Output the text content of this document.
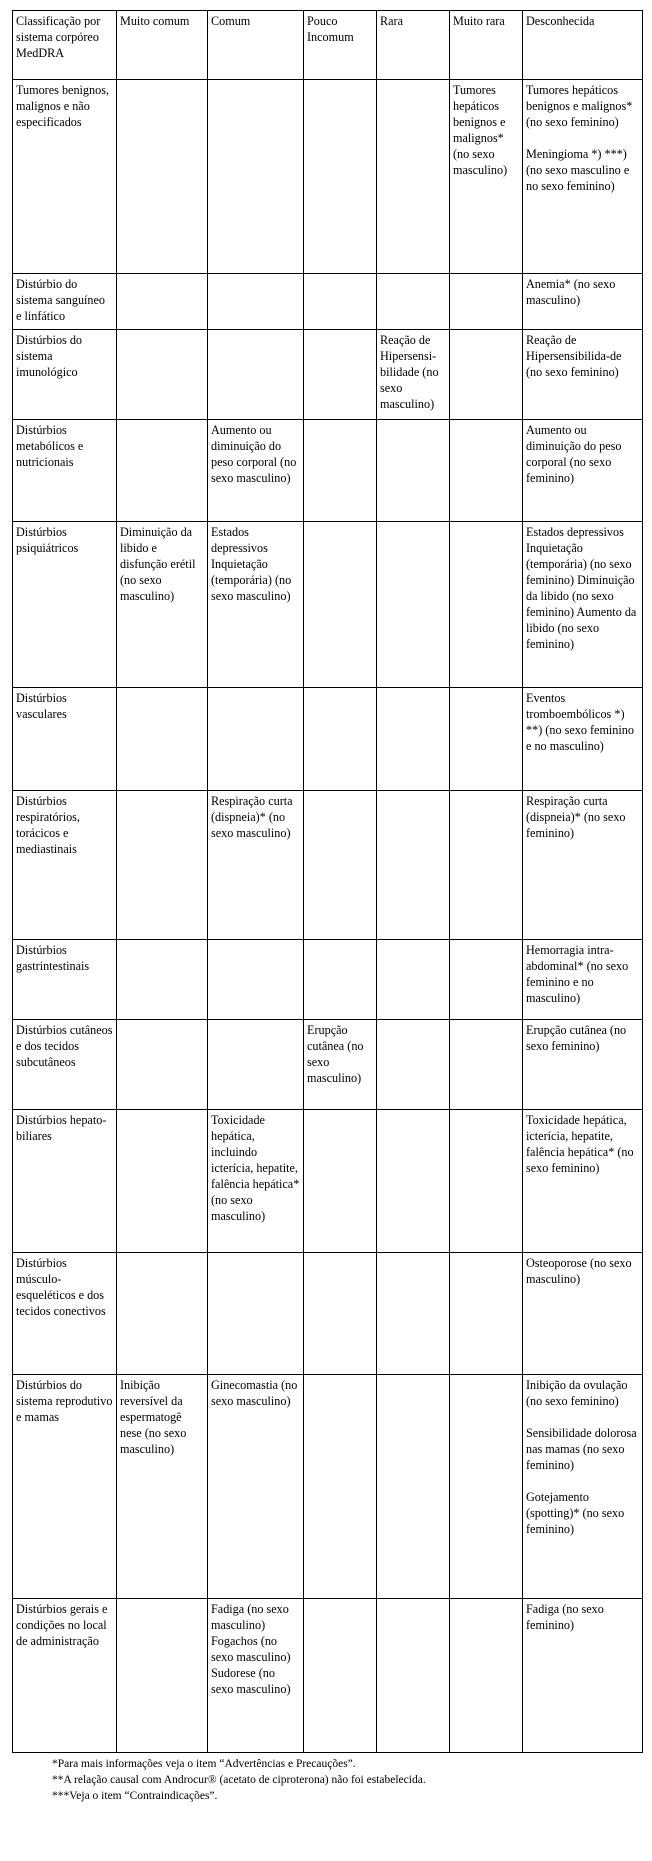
Classificação por sistema corpóreo MedDRA	Muito comum	Comum	Pouco Incomum	Rara	Muito rara	Desconhecida

Tumores benignos, malignos e não especificados					Tumores hepáticos benignos e malignos* (no sexo masculino)	Tumores hepáticos benignos e malignos* (no sexo feminino)
Meningioma *) ***) (no sexo masculino e no sexo feminino)

Distúrbio do sistema sanguíneo e linfático						Anemia* (no sexo masculino)

Distúrbios do sistema imunológico				Reação de Hipersensi-bilidade (no sexo masculino)		Reação de Hipersensibilida-de (no sexo feminino)

Distúrbios metabólicos e nutricionais		Aumento ou diminuição do peso corporal (no sexo masculino)				Aumento ou diminuição do peso corporal (no sexo feminino)

Distúrbios psiquiátricos	Diminuição da libido e disfunção erétil (no sexo masculino)	Estados depressivos Inquietação (temporária) (no sexo masculino)				Estados depressivos Inquietação (temporária) (no sexo feminino) Diminuição da libido (no sexo feminino) Aumento da libido (no sexo feminino)

Distúrbios vasculares						Eventos tromboembólicos *) **) (no sexo feminino e no masculino)

Distúrbios respiratórios, torácicos e mediastinais		Respiração curta (dispneia)* (no sexo masculino)				Respiração curta (dispneia)* (no sexo feminino)

Distúrbios gastrintestinais						Hemorragia intra-abdominal* (no sexo feminino e no masculino)

Distúrbios cutâneos e dos tecidos subcutâneos			Erupção cutânea (no sexo masculino)			Erupção cutânea (no sexo feminino)

Distúrbios hepato-biliares		Toxicidade hepática, incluindo icterícia, hepatite, falência hepática* (no sexo masculino)				Toxicidade hepática, icterícia, hepatite, falência hepática* (no sexo feminino)

Distúrbios músculo-esqueléticos e dos tecidos conectivos						Osteoporose (no sexo masculino)

Distúrbios do sistema reprodutivo e mamas	Inibição reversível da espermatogê nese (no sexo masculino)	Ginecomastia (no sexo masculino)				Inibição da ovulação (no sexo feminino)
Sensibilidade dolorosa nas mamas (no sexo feminino)
Gotejamento (spotting)* (no sexo feminino)

Distúrbios gerais e condições no local de administração		Fadiga (no sexo masculino) Fogachos (no sexo masculino) Sudorese (no sexo masculino)				Fadiga (no sexo feminino)
*Para mais informações veja o item “Advertências e Precauções”.
**A relação causal com Androcur® (acetato de ciproterona) não foi estabelecida.
***Veja o item “Contraindicações”.
